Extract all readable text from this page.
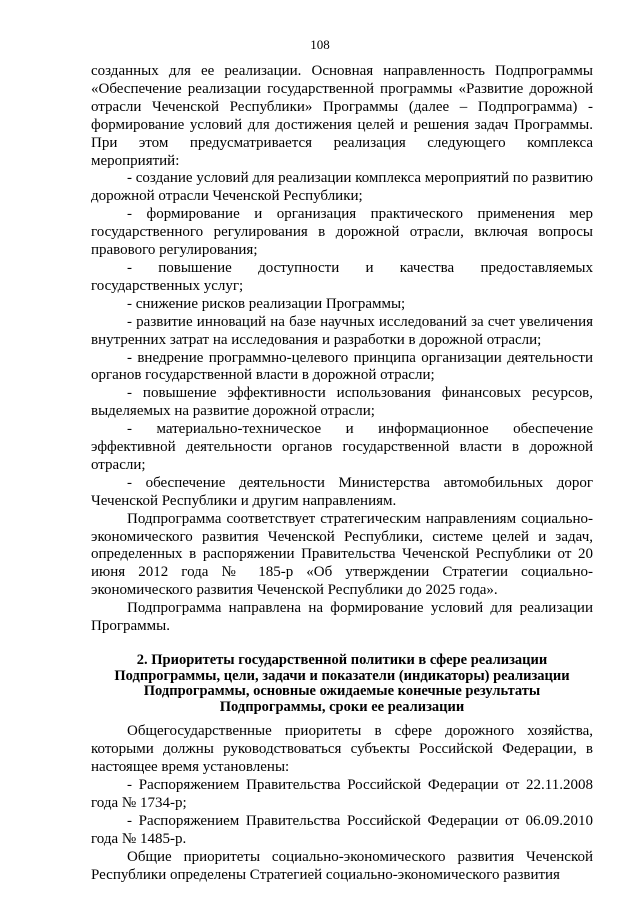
108

созданных для ее реализации. Основная направленность Подпрограммы «Обеспечение реализации государственной программы «Развитие дорожной отрасли Чеченской Республики» Программы (далее – Подпрограмма) - формирование условий для достижения целей и решения задач Программы. При этом предусматривается реализация следующего комплекса мероприятий:

- создание условий для реализации комплекса мероприятий по развитию дорожной отрасли Чеченской Республики;

- формирование и организация практического применения мер государственного регулирования в дорожной отрасли, включая вопросы правового регулирования;

- повышение доступности и качества предоставляемых государственных услуг;

- снижение рисков реализации Программы;

- развитие инноваций на базе научных исследований за счет увеличения внутренних затрат на исследования и разработки в дорожной отрасли;

- внедрение программно-целевого принципа организации деятельности органов государственной власти в дорожной отрасли;

- повышение эффективности использования финансовых ресурсов, выделяемых на развитие дорожной отрасли;

- материально-техническое и информационное обеспечение эффективной деятельности органов государственной власти в дорожной отрасли;

- обеспечение деятельности Министерства автомобильных дорог Чеченской Республики и другим направлениям.

Подпрограмма соответствует стратегическим направлениям социально-экономического развития Чеченской Республики, системе целей и задач, определенных в распоряжении Правительства Чеченской Республики от 20 июня 2012 года № 185-р «Об утверждении Стратегии социально-экономического развития Чеченской Республики до 2025 года».

Подпрограмма направлена на формирование условий для реализации Программы.

2. Приоритеты государственной политики в сфере реализации Подпрограммы, цели, задачи и показатели (индикаторы) реализации Подпрограммы, основные ожидаемые конечные результаты Подпрограммы, сроки ее реализации

Общегосударственные приоритеты в сфере дорожного хозяйства, которыми должны руководствоваться субъекты Российской Федерации, в настоящее время установлены:

- Распоряжением Правительства Российской Федерации от 22.11.2008 года № 1734-р;

- Распоряжением Правительства Российской Федерации от 06.09.2010 года № 1485-р.

Общие приоритеты социально-экономического развития Чеченской Республики определены Стратегией социально-экономического развития
